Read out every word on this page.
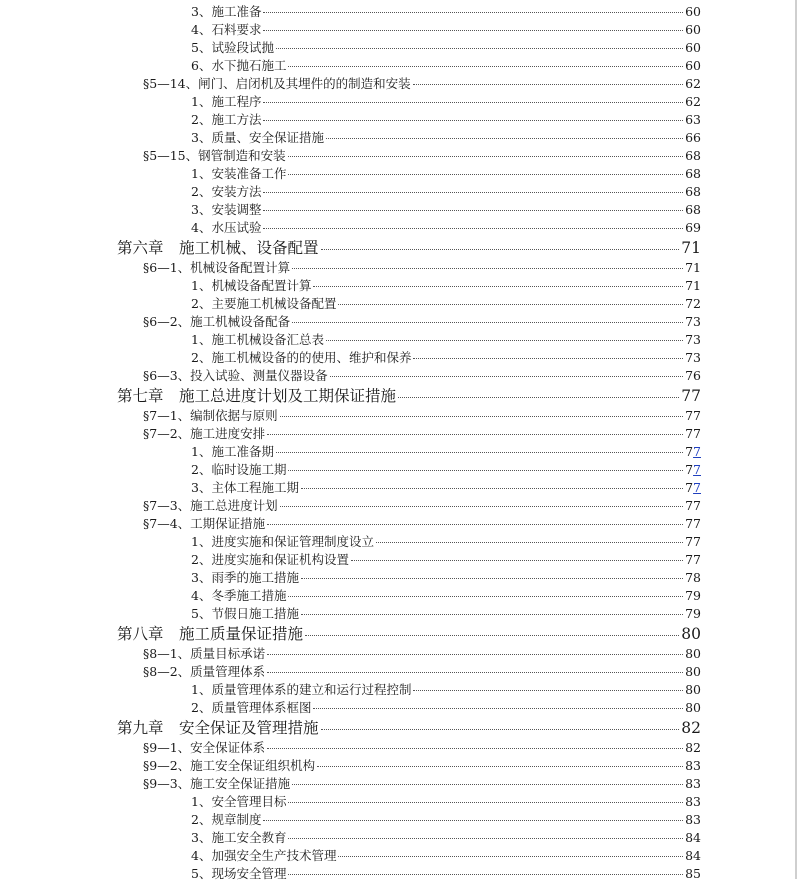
3、施工准备	60
4、石料要求	60
5、试验段试抛	60
6、水下抛石施工	60
§5—14、闸门、启闭机及其埋件的的制造和安装	62
1、施工程序	62
2、施工方法	63
3、质量、安全保证措施	66
§5—15、钢管制造和安装	68
1、安装准备工作	68
2、安装方法	68
3、安装调整	68
4、水压试验	69
第六章　施工机械、设备配置	71
§6—1、机械设备配置计算	71
1、机械设备配置计算	71
2、主要施工机械设备配置	72
§6—2、施工机械设备配备	73
1、施工机械设备汇总表	73
2、施工机械设备的的使用、维护和保养	73
§6—3、投入试验、测量仪器设备	76
第七章　施工总进度计划及工期保证措施	77
§7—1、编制依据与原则	77
§7—2、施工进度安排	77
1、施工准备期	77
2、临时设施工期	77
3、主体工程施工期	77
§7—3、施工总进度计划	77
§7—4、工期保证措施	77
1、进度实施和保证管理制度设立	77
2、进度实施和保证机构设置	77
3、雨季的施工措施	78
4、冬季施工措施	79
5、节假日施工措施	79
第八章　施工质量保证措施	80
§8—1、质量目标承诺	80
§8—2、质量管理体系	80
1、质量管理体系的建立和运行过程控制	80
2、质量管理体系框图	80
第九章　安全保证及管理措施	82
§9—1、安全保证体系	82
§9—2、施工安全保证组织机构	83
§9—3、施工安全保证措施	83
1、安全管理目标	83
2、规章制度	83
3、施工安全教育	84
4、加强安全生产技术管理	84
5、现场安全管理	85
